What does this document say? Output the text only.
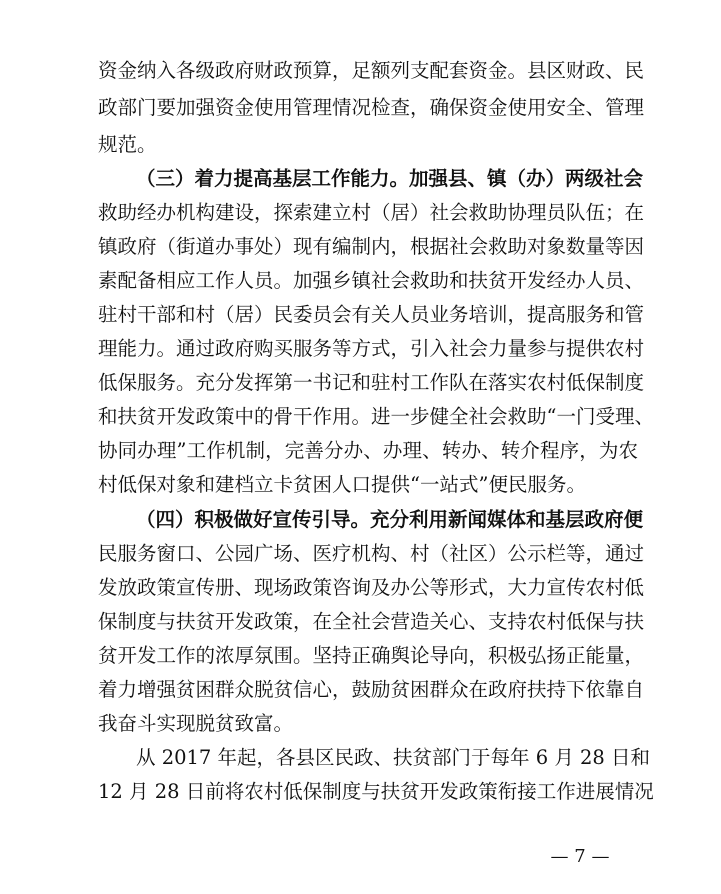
资金纳入各级政府财政预算，足额列支配套资金。县区财政、民
政部门要加强资金使用管理情况检查，确保资金使用安全、管理
规范。
（三）着力提高基层工作能力。加强县、镇（办）两级社会
救助经办机构建设，探索建立村（居）社会救助协理员队伍；在
镇政府（街道办事处）现有编制内，根据社会救助对象数量等因
素配备相应工作人员。加强乡镇社会救助和扶贫开发经办人员、
驻村干部和村（居）民委员会有关人员业务培训，提高服务和管
理能力。通过政府购买服务等方式，引入社会力量参与提供农村
低保服务。充分发挥第一书记和驻村工作队在落实农村低保制度
和扶贫开发政策中的骨干作用。进一步健全社会救助“一门受理、
协同办理”工作机制，完善分办、办理、转办、转介程序，为农
村低保对象和建档立卡贫困人口提供“一站式”便民服务。
（四）积极做好宣传引导。充分利用新闻媒体和基层政府便
民服务窗口、公园广场、医疗机构、村（社区）公示栏等，通过
发放政策宣传册、现场政策咨询及办公等形式，大力宣传农村低
保制度与扶贫开发政策，在全社会营造关心、支持农村低保与扶
贫开发工作的浓厚氛围。坚持正确舆论导向，积极弘扬正能量，
着力增强贫困群众脱贫信心，鼓励贫困群众在政府扶持下依靠自
我奋斗实现脱贫致富。
从 2017 年起，各县区民政、扶贫部门于每年 6 月 28 日和
12 月 28 日前将农村低保制度与扶贫开发政策衔接工作进展情况
— 7 —
